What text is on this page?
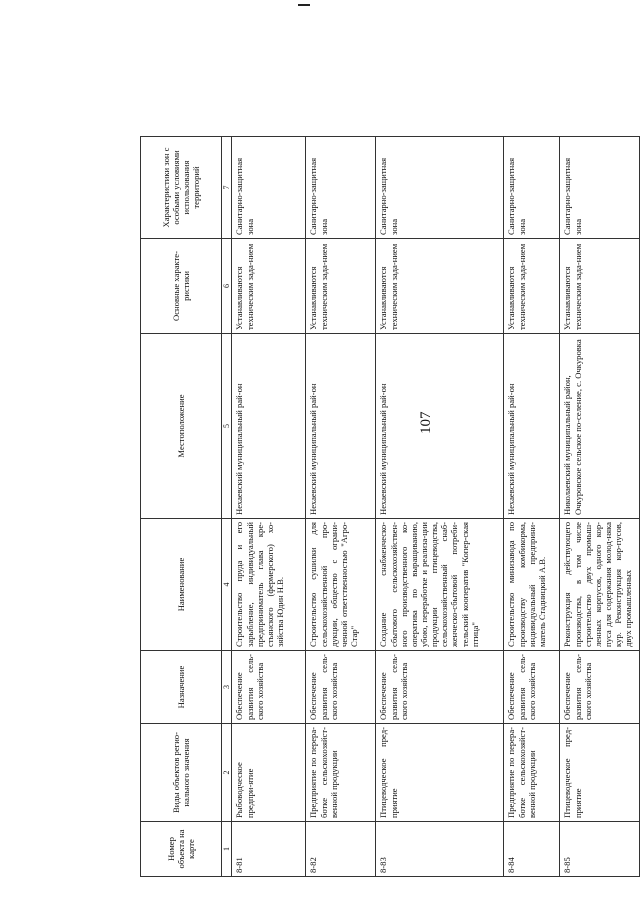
107
Номер объекта на карте	Виды объектов регио-нального значения	Назначение	Наименование	Местоположение	Основные характе-ристики	Характеристики зон с особыми условиями использования территорий
1	2	3	4	5	6	7
8-81	Рыбоводческое предпри-ятие	Обеспечение развития сель-ского хозяйства	Строительство пруда и его зарыбление, индивидуальный предприниматель глава кре-стьянского (фермерского) хо-зяйства Юдин Н.В.	Нехаевский муниципальный рай-он	Устанавливаются техническим зада-нием	Санитарно-защитная зона
8-82	Предприятие по перера-ботке сельскохозяйст-венной продукции	Обеспечение развития сель-ского хозяйства	Строительство сушилки для сельскохозяйственной про-дукции, общество с ограни-ченной ответственностью "Агро-Стар"	Нехаевский муниципальный рай-он	Устанавливаются техническим зада-нием	Санитарно-защитная зона
8-83	Птицеводческое пред-приятие	Обеспечение развития сель-ского хозяйства	Создание снабженческо-сбытового сельскохозяйствен-ного производственного ко-оператива по выращиванию, убою, переработке и реализа-ции продукции птицеводства, сельскохозяйственный снаб-женческо-сбытовой потреби-тельский кооператив "Копер-ская птица"	Нехаевский муниципальный рай-он	Устанавливаются техническим зада-нием	Санитарно-защитная зона
8-84	Предприятие по перера-ботке сельскохозяйст-венной продукции	Обеспечение развития сель-ского хозяйства	Строительство минизавода по производству комбикорма, индивидуальный предприни-матель Стадницкий А.В.	Нехаевский муниципальный рай-он	Устанавливаются техническим зада-нием	Санитарно-защитная зона
8-85	Птицеводческое пред-приятие	Обеспечение развития сель-ского хозяйства	Реконструкция действующего производства, в том числе строительство двух промыш-ленных корпусов, одного кор-пуса для содержания молод-няка кур. Реконструкция кор-пусов, двух промышленных	Николаевский муниципальный район, Очкуровское сельское по-селение, с. Очкуровка	Устанавливаются техническим зада-нием	Санитарно-защитная зона
